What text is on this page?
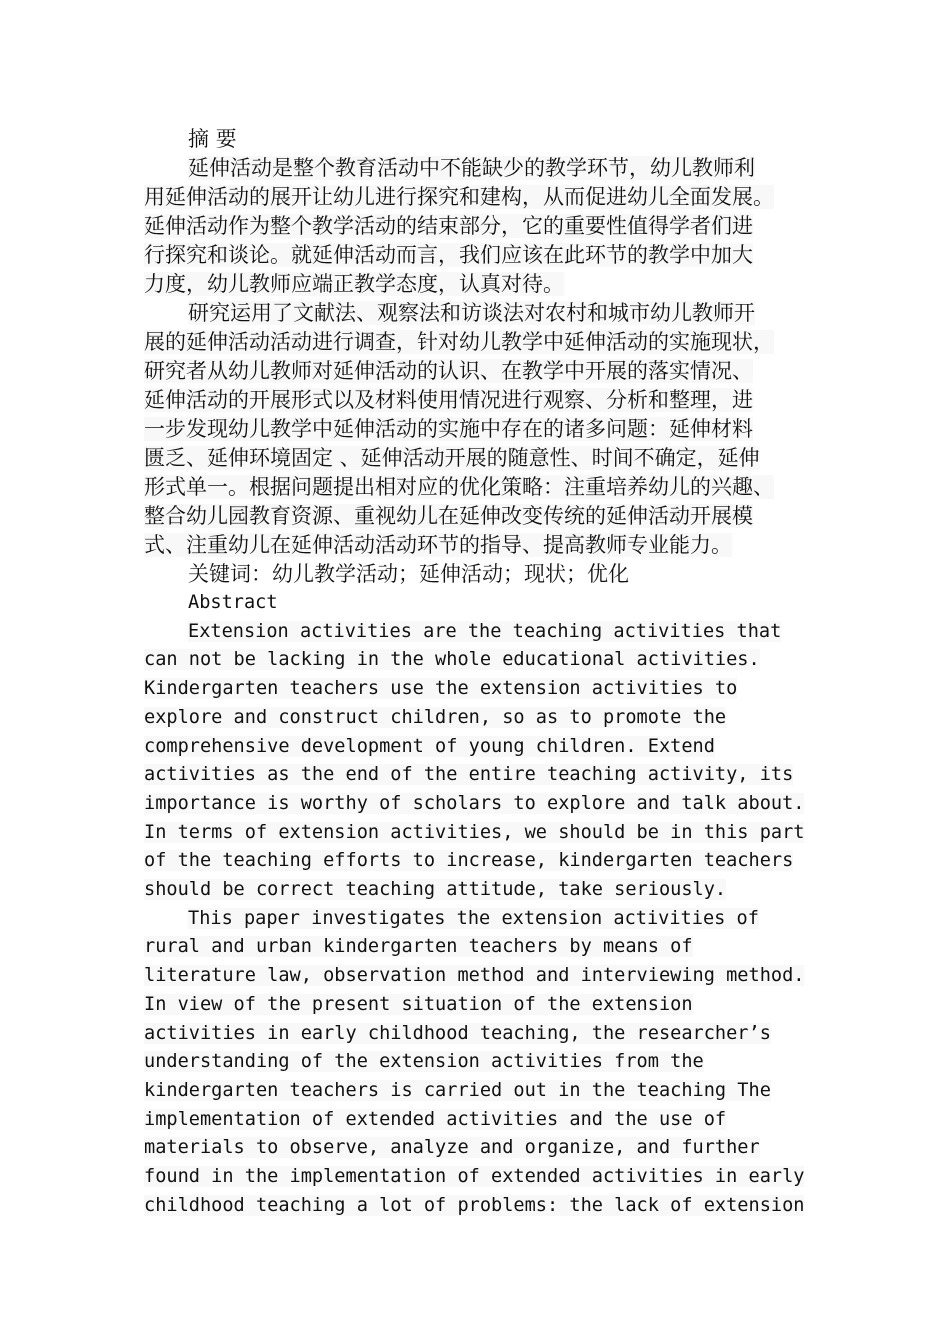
摘 要
延伸活动是整个教育活动中不能缺少的教学环节，幼儿教师利
用延伸活动的展开让幼儿进行探究和建构，从而促进幼儿全面发展。
延伸活动作为整个教学活动的结束部分，它的重要性值得学者们进
行探究和谈论。就延伸活动而言，我们应该在此环节的教学中加大
力度，幼儿教师应端正教学态度，认真对待。
研究运用了文献法、观察法和访谈法对农村和城市幼儿教师开
展的延伸活动活动进行调查，针对幼儿教学中延伸活动的实施现状，
研究者从幼儿教师对延伸活动的认识、在教学中开展的落实情况、
延伸活动的开展形式以及材料使用情况进行观察、分析和整理，进
一步发现幼儿教学中延伸活动的实施中存在的诸多问题：延伸材料
匮乏、延伸环境固定 、延伸活动开展的随意性、时间不确定，延伸
形式单一。根据问题提出相对应的优化策略：注重培养幼儿的兴趣、
整合幼儿园教育资源、重视幼儿在延伸改变传统的延伸活动开展模
式、注重幼儿在延伸活动活动环节的指导、提高教师专业能力。
关键词：幼儿教学活动；延伸活动；现状；优化
Abstract
Extension activities are the teaching activities that
can not be lacking in the whole educational activities.
Kindergarten teachers use the extension activities to
explore and construct children, so as to promote the
comprehensive development of young children. Extend
activities as the end of the entire teaching activity, its
importance is worthy of scholars to explore and talk about.
In terms of extension activities, we should be in this part
of the teaching efforts to increase, kindergarten teachers
should be correct teaching attitude, take seriously.
This paper investigates the extension activities of
rural and urban kindergarten teachers by means of
literature law, observation method and interviewing method.
In view of the present situation of the extension
activities in early childhood teaching, the researcher’s
understanding of the extension activities from the
kindergarten teachers is carried out in the teaching The
implementation of extended activities and the use of
materials to observe, analyze and organize, and further
found in the implementation of extended activities in early
childhood teaching a lot of problems: the lack of extension
